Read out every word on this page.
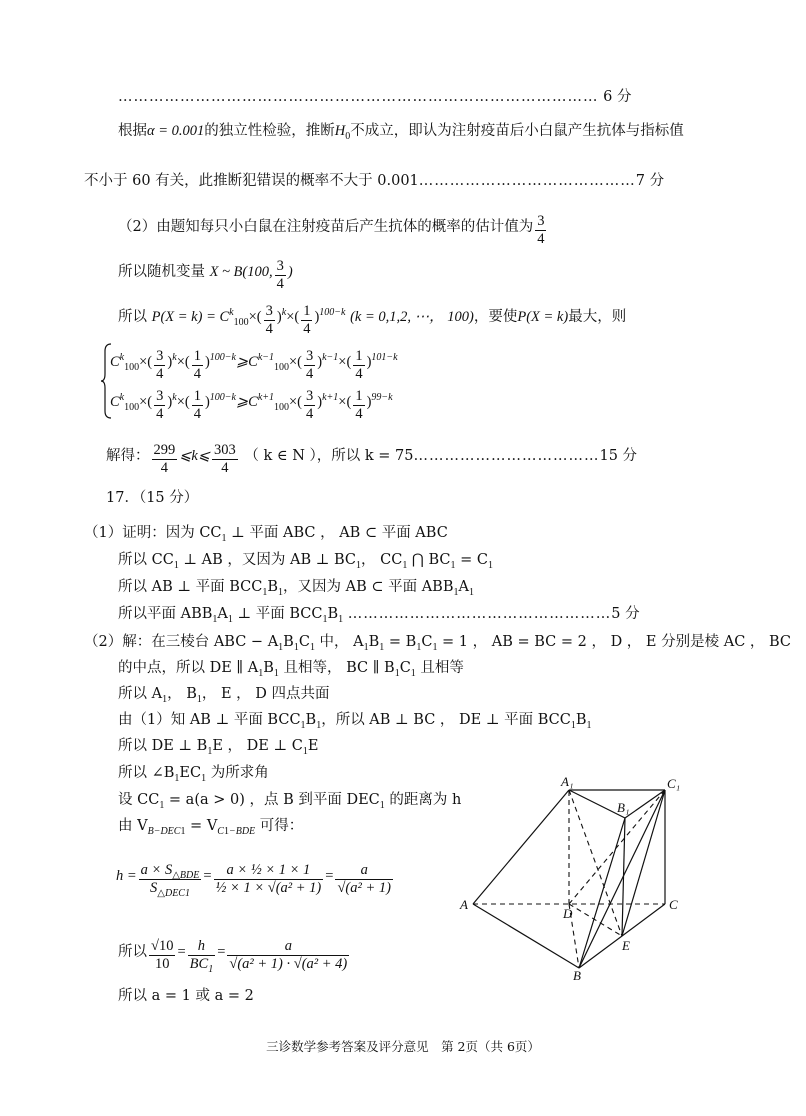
………………………………………………………………………………… 6 分
根据α = 0.001的独立性检验，推断$H_0$不成立，即认为注射疫苗后小白鼠产生抗体与指标值
不小于 60 有关，此推断犯错误的概率不大于 0.001……………………………………7 分
（2）由题知每只小白鼠在注射疫苗后产生抗体的概率的估计值为 $\frac{3}{4}$
所以随机变量 X ~ B(100, $\frac{3}{4}$ )
所以 $P(X = k) = C^k_{100}\times( \frac{3}{4} )^k\times( \frac{1}{4} )^{100-k}$ (k = 0,1,2, ⋯， 100)，要使P(X = k)最大，则
$C^k_{100}\times( \frac{3}{4} )^k\times( \frac{1}{4}$ )$^{100-k}⩾C^{k-1}_{100}\times( \frac{3}{4} )^{k-1}\times( \frac{1}{4} )^{101-k}$
$C^k_{100}\times( \frac{3}{4} )^k\times( \frac{1}{4}$ )$^{100-k}⩾C^{k+1}_{100}\times( \frac{3}{4} )^{k+1}\times( \frac{1}{4} )^{99-k}$
解得： $\frac{299}{4}$ ⩽k⩽ $\frac{303}{4}$ （ k ∈ N ），所以 k = 75………………………………15 分
17．（15 分）
（1）证明：因为 $CC_1$ ⊥ 平面 ABC ， AB ⊂ 平面 ABC
所以 $CC_1$ ⊥ AB ，又因为 AB ⊥ $BC_1$， $CC_1$ ⋂ $BC_1 = C_1$
所以 AB ⊥ 平面 $BCC_1B_1$，又因为 AB ⊂ 平面 $ABB_1A_1$
所以平面 $ABB_1A_1$ ⊥ 平面 $BCC_1B_1$ ……………………………………………5 分
（2）解：在三棱台 ABC − $A_1B_1C_1$ 中， $A_1B_1 = B_1C_1 = 1$ ， AB = BC = 2 ， D ， E 分别是棱 AC ， BC
的中点，所以 DE ∥ $A_1B_1$ 且相等， BC ∥ $B_1C_1$ 且相等
所以 $A_1$， $B_1$， E ， D 四点共面
由（1）知 AB ⊥ 平面 $BCC_1B_1$，所以 AB ⊥ BC ， DE ⊥ 平面 $BCC_1B_1$
所以 DE ⊥ $B_1E$ ， DE ⊥ $C_1E$
所以 $\angle B_1EC_1$ 为所求角
设 $CC_1 = a(a > 0)$ ，点 B 到平面 $DEC_1$ 的距离为 h
由 $V_{B-DEC1} = V_{C1-BDE}$ 可得：
$h = \frac{a \times S_{\triangle BDE}}{S_{\triangle DEC1}} = \frac{\text{a × ½ × 1 × 1}}{\text{½ × 1 × √(a² + 1)}} = \frac{a}{\text{√(a² + 1)}}$
所以 $\frac{√10}{10} = \frac{h}{BC_1} = \frac{a}{\text{√(a² + 1) · √(a² + 4)}}$
所以 a = 1 或 a = 2
A₁	C₁
B₁
A
D
C
E
B
三诊数学参考答案及评分意见　第 2页（共 6页）
